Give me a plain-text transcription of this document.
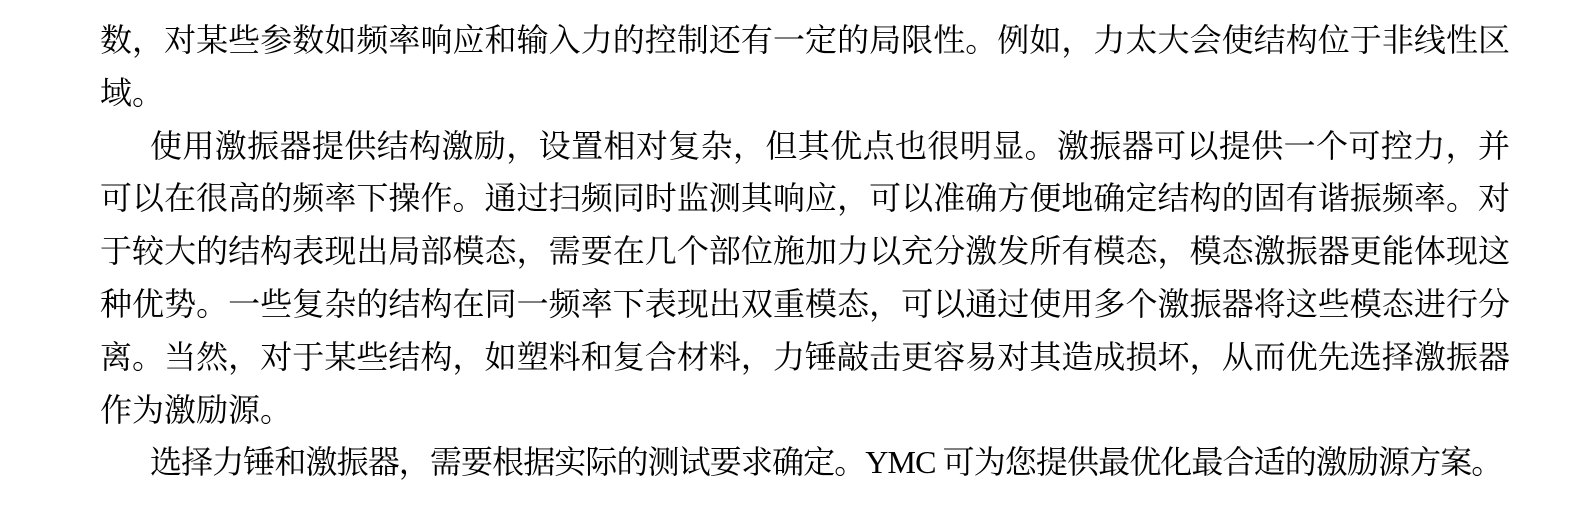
数，对某些参数如频率响应和输入力的控制还有一定的局限性。例如，力太大会使结构位于非线性区域。

使用激振器提供结构激励，设置相对复杂，但其优点也很明显。激振器可以提供一个可控力，并可以在很高的频率下操作。通过扫频同时监测其响应，可以准确方便地确定结构的固有谐振频率。对于较大的结构表现出局部模态，需要在几个部位施加力以充分激发所有模态，模态激振器更能体现这种优势。一些复杂的结构在同一频率下表现出双重模态，可以通过使用多个激振器将这些模态进行分离。当然，对于某些结构，如塑料和复合材料，力锤敲击更容易对其造成损坏，从而优先选择激振器作为激励源。

选择力锤和激振器，需要根据实际的测试要求确定。YMC 可为您提供最优化最合适的激励源方案。
